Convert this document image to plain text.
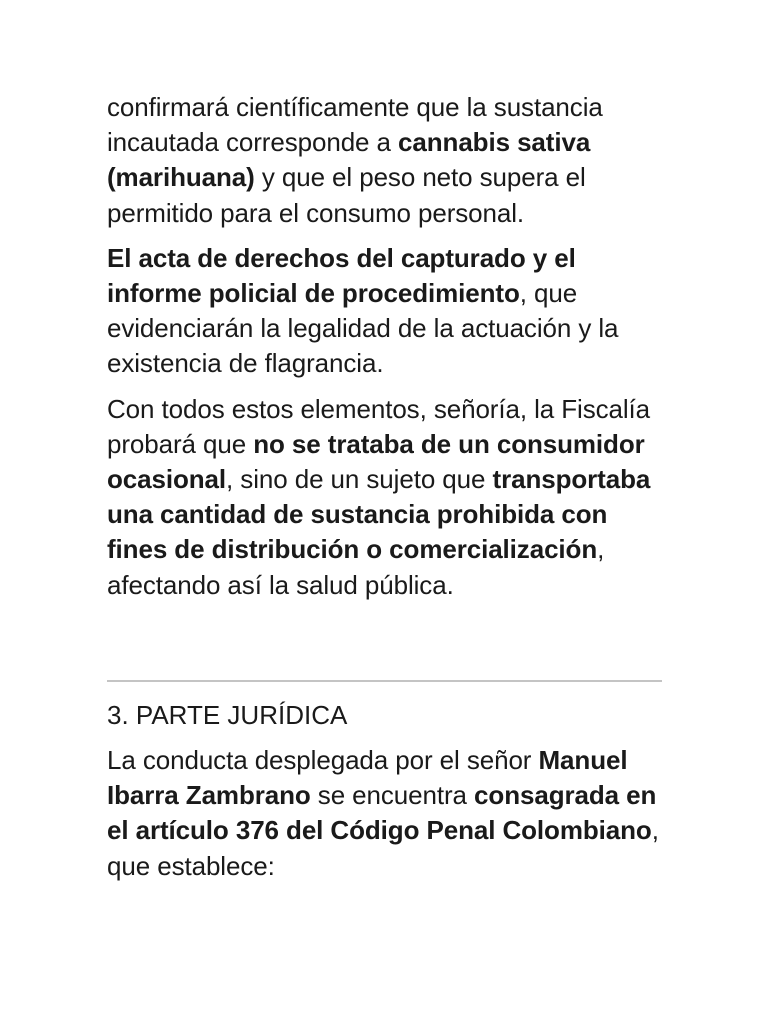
confirmará científicamente que la sustancia incautada corresponde a cannabis sativa (marihuana) y que el peso neto supera el permitido para el consumo personal.

El acta de derechos del capturado y el informe policial de procedimiento, que evidenciarán la legalidad de la actuación y la existencia de flagrancia.

Con todos estos elementos, señoría, la Fiscalía probará que no se trataba de un consumidor ocasional, sino de un sujeto que transportaba una cantidad de sustancia prohibida con fines de distribución o comercialización, afectando así la salud pública.

3. PARTE JURÍDICA

La conducta desplegada por el señor Manuel Ibarra Zambrano se encuentra consagrada en el artículo 376 del Código Penal Colombiano, que establece:
